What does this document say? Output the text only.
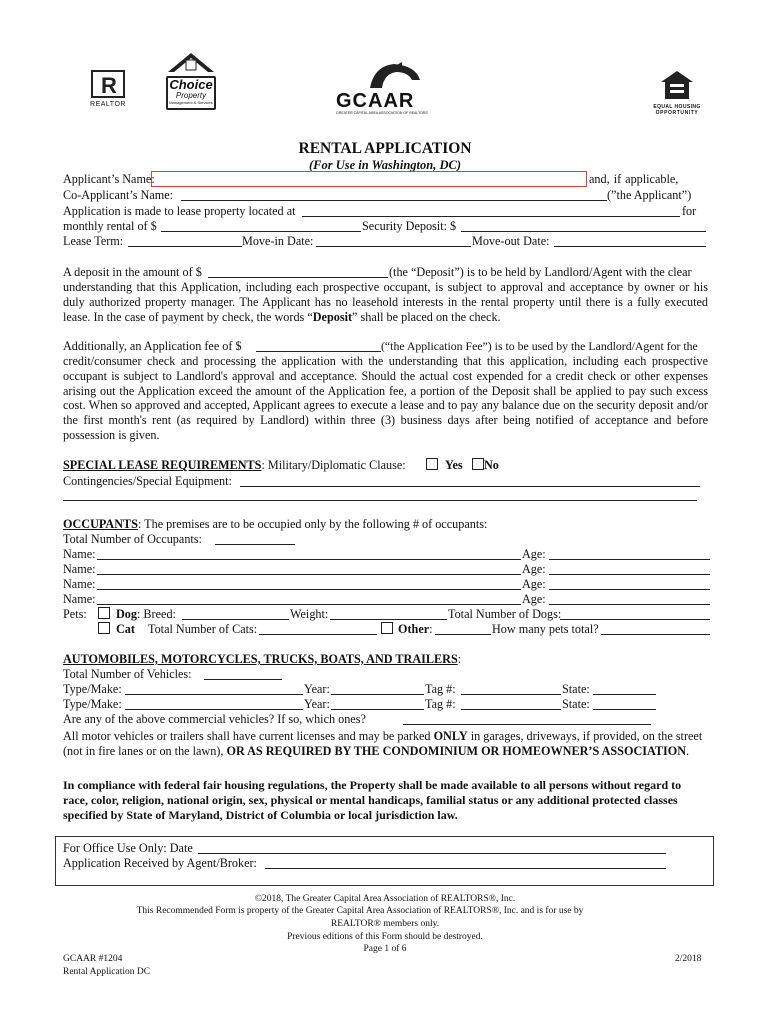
R
REALTOR
Choice
Property
Management & Services	GCAAR
GREATER CAPITAL AREA ASSOCIATION OF REALTORS
EQUAL HOUSING
OPPORTUNITY
RENTAL APPLICATION
(For Use in Washington, DC)
Applicant’s Name:	and, if applicable,
Co-Applicant’s Name:	(”the Applicant”)
Application is made to lease property located at	for
monthly rental of $	Security Deposit: $
Lease Term:	Move-in Date:	Move-out Date:
A deposit in the amount of $	(the “Deposit”) is to be held by Landlord/Agent with the clear
understanding that this Application, including each prospective occupant, is subject to approval and acceptance by owner or his duly authorized property manager. The Applicant has no leasehold interests in the rental property until there is a fully executed lease. In the case of payment by check, the words “Deposit” shall be placed on the check.
Additionally, an Application fee of $	(“the Application Fee”) is to be used by the Landlord/Agent for the
credit/consumer check and processing the application with the understanding that this application, including each prospective occupant is subject to Landlord's approval and acceptance. Should the actual cost expended for a credit check or other expenses arising out the Application exceed the amount of the Application fee, a portion of the Deposit shall be applied to pay such excess cost. When so approved and accepted, Applicant agrees to execute a lease and to pay any balance due on the security deposit and/or the first month's rent (as required by Landlord) within three (3) business days after being notified of acceptance and before possession is given.
SPECIAL LEASE REQUIREMENTS: Military/Diplomatic Clause:	Yes No
Contingencies/Special Equipment:
OCCUPANTS: The premises are to be occupied only by the following # of occupants:
Total Number of Occupants:
Name:	Age:
Name:	Age:
Name:	Age:
Name:	Age:
Pets: Dog: Breed:	Weight:	Total Number of Dogs:
Cat Total Number of Cats:	Other:	How many pets total?
AUTOMOBILES, MOTORCYCLES, TRUCKS, BOATS, AND TRAILERS:
Total Number of Vehicles:
Type/Make:	Year:	Tag #:	State:
Type/Make:	Year:	Tag #:	State:
Are any of the above commercial vehicles? If so, which ones?
All motor vehicles or trailers shall have current licenses and may be parked ONLY in garages, driveways, if provided, on the street
(not in fire lanes or on the lawn), OR AS REQUIRED BY THE CONDOMINIUM OR HOMEOWNER’S ASSOCIATION.
In compliance with federal fair housing regulations, the Property shall be made available to all persons without regard to race, color, religion, national origin, sex, physical or mental handicaps, familial status or any additional protected classes specified by State of Maryland, District of Columbia or local jurisdiction law.
For Office Use Only: Date
Application Received by Agent/Broker:
©2018, The Greater Capital Area Association of REALTORS®, Inc.
This Recommended Form is property of the Greater Capital Area Association of REALTORS®, Inc. and is for use by
REALTOR® members only.
Previous editions of this Form should be destroyed.
Page 1 of 6
GCAAR #1204
Rental Application DC
2/2018
